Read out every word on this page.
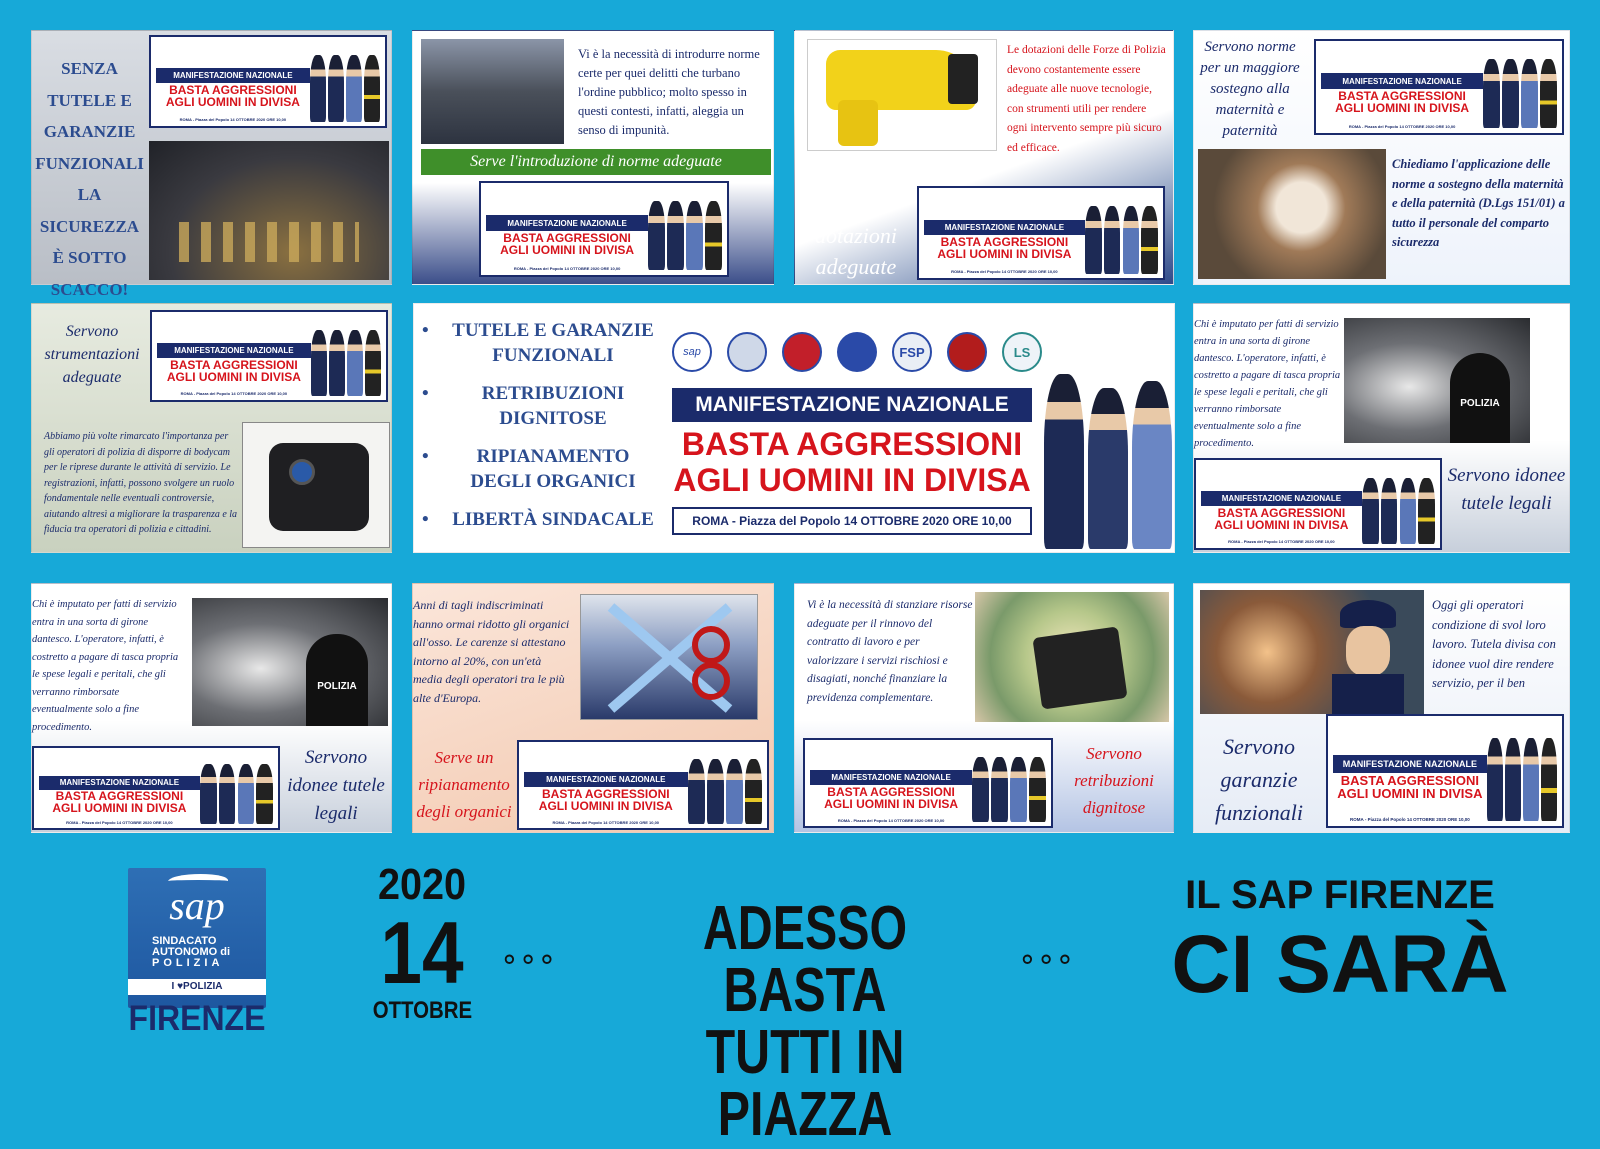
SENZA
TUTELE E
GARANZIE
FUNZIONALI
LA SICUREZZA
È SOTTO
SCACCO!
MANIFESTAZIONE NAZIONALE
BASTA AGGRESSIONI
AGLI UOMINI IN DIVISA
ROMA - Piazza del Popolo 14 OTTOBRE 2020 ORE 10,00
Vi è la necessità di introdurre norme certe per quei delitti che turbano l'ordine pubblico; molto spesso in questi contesti, infatti, aleggia un senso di impunità.
Serve l'introduzione di norme adeguate
MANIFESTAZIONE NAZIONALE
BASTA AGGRESSIONI
AGLI UOMINI IN DIVISA
ROMA - Piazza del Popolo 14 OTTOBRE 2020 ORE 10,00
Le dotazioni delle Forze di Polizia devono costantemente essere adeguate alle nuove tecnologie, con strumenti utili per rendere ogni intervento sempre più sicuro ed efficace.
Servono dotazioni adeguate
MANIFESTAZIONE NAZIONALE
BASTA AGGRESSIONI
AGLI UOMINI IN DIVISA
ROMA - Piazza del Popolo 14 OTTOBRE 2020 ORE 10,00
Servono norme per un maggiore sostegno alla maternità e paternità
MANIFESTAZIONE NAZIONALE
BASTA AGGRESSIONI
AGLI UOMINI IN DIVISA
ROMA - Piazza del Popolo 14 OTTOBRE 2020 ORE 10,00
Chiediamo l'applicazione delle norme a sostegno della maternità e della paternità (D.Lgs 151/01) a tutto il personale del comparto sicurezza
Servono strumentazioni adeguate
MANIFESTAZIONE NAZIONALE
BASTA AGGRESSIONI
AGLI UOMINI IN DIVISA
ROMA - Piazza del Popolo 14 OTTOBRE 2020 ORE 10,00
Abbiamo più volte rimarcato l'importanza per gli operatori di polizia di disporre di bodycam per le riprese durante le attività di servizio. Le registrazioni, infatti, possono svolgere un ruolo fondamentale nelle eventuali controversie, aiutando altresì a migliorare la trasparenza e la fiducia tra operatori di polizia e cittadini.
•	TUTELE E GARANZIE FUNZIONALI
•	RETRIBUZIONI DIGNITOSE
•	RIPIANAMENTO DEGLI ORGANICI
•	LIBERTÀ SINDACALE
sap	FSP	LS
MANIFESTAZIONE NAZIONALE
BASTA AGGRESSIONI
AGLI UOMINI IN DIVISA
ROMA - Piazza del Popolo 14 OTTOBRE 2020 ORE 10,00
Chi è imputato per fatti di servizio entra in una sorta di girone dantesco. L'operatore, infatti, è costretto a pagare di tasca propria le spese legali e peritali, che gli verranno rimborsate eventualmente solo a fine procedimento.
POLIZIA
MANIFESTAZIONE NAZIONALE
BASTA AGGRESSIONI
AGLI UOMINI IN DIVISA
ROMA - Piazza del Popolo 14 OTTOBRE 2020 ORE 10,00
Servono idonee tutele legali
Chi è imputato per fatti di servizio entra in una sorta di girone dantesco. L'operatore, infatti, è costretto a pagare di tasca propria le spese legali e peritali, che gli verranno rimborsate eventualmente solo a fine procedimento.
POLIZIA
MANIFESTAZIONE NAZIONALE
BASTA AGGRESSIONI
AGLI UOMINI IN DIVISA
ROMA - Piazza del Popolo 14 OTTOBRE 2020 ORE 10,00
Servono idonee tutele legali
Anni di tagli indiscriminati hanno ormai ridotto gli organici all'osso. Le carenze si attestano intorno al 20%, con un'età media degli operatori tra le più alte d'Europa.
Serve un ripianamento degli organici
MANIFESTAZIONE NAZIONALE
BASTA AGGRESSIONI
AGLI UOMINI IN DIVISA
ROMA - Piazza del Popolo 14 OTTOBRE 2020 ORE 10,00
Vi è la necessità di stanziare risorse adeguate per il rinnovo del contratto di lavoro e per valorizzare i servizi rischiosi e disagiati, nonché finanziare la previdenza complementare.
MANIFESTAZIONE NAZIONALE
BASTA AGGRESSIONI
AGLI UOMINI IN DIVISA
ROMA - Piazza del Popolo 14 OTTOBRE 2020 ORE 10,00
Servono retribuzioni dignitose
Oggi gli operatori condizione di svol loro lavoro. Tutela divisa con idonee vuol dire rendere servizio, per il ben
Servono garanzie funzionali
MANIFESTAZIONE NAZIONALE
BASTA AGGRESSIONI
AGLI UOMINI IN DIVISA
ROMA - Piazza del Popolo 14 OTTOBRE 2020 ORE 10,00
sap
SINDACATO
AUTONOMO di
POLIZIA
I ♥POLIZIA
FIRENZE
2020
14
OTTOBRE
∘∘∘	ADESSO BASTA
TUTTI IN PIAZZA
∘∘∘
IL SAP FIRENZE
CI SARÀ
